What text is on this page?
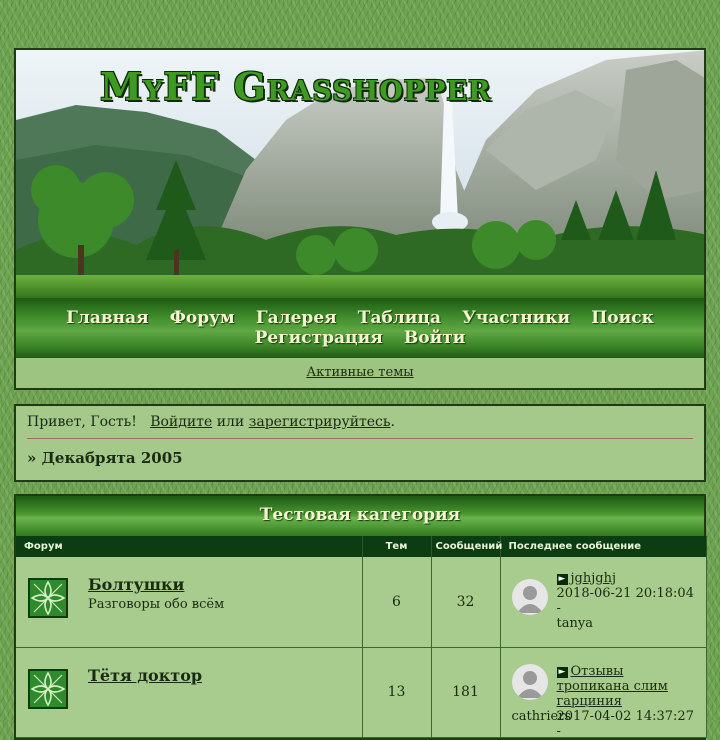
MyFF Grasshopper
Главная Форум Галерея Таблица Участники Поиск
Регистрация Войти
Активные темы
Привет, Гость! Войдите или зарегистрируйтесь.
» Декабрята 2005
Тестовая категория
Форум	Тем	Сообщений	Последнее сообщение

Болтушки
Разговоры обо всём	6	32	► jghjghj
2018-06-21 20:18:04 -
tanya

Тётя доктор	13	181	► Отзывы тропикана слим гарциния
2017-04-02 14:37:27 -
cathriers
